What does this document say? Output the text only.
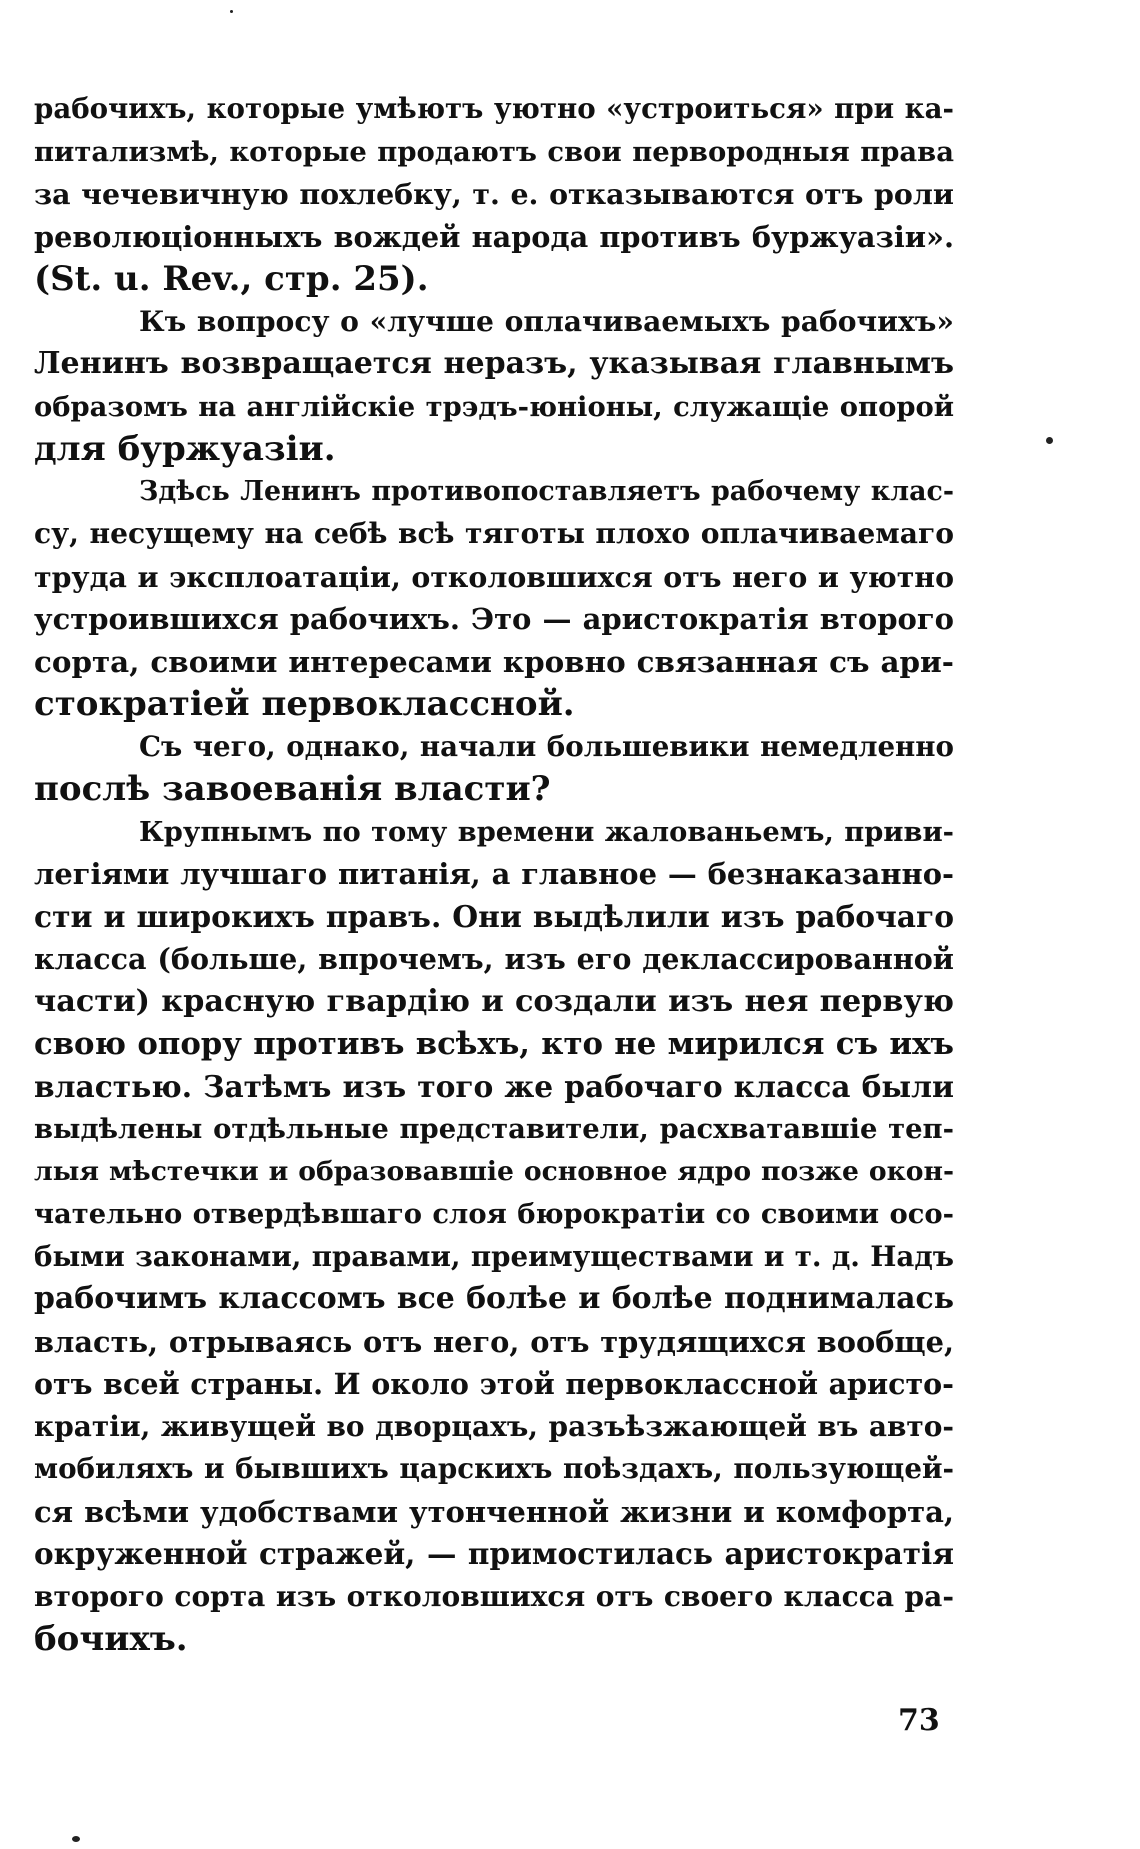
рабочихъ, которые умѣютъ уютно «устроиться» при ка-
питализмѣ, которые продаютъ свои первородныя права
за чечевичную похлебку, т. е. отказываются отъ роли
революціонныхъ вождей народа противъ буржуазіи».
(St. u. Rev., стр. 25).
Къ вопросу о «лучше оплачиваемыхъ рабочихъ»
Ленинъ возвращается неразъ, указывая главнымъ
образомъ на англійскіе трэдъ-юніоны, служащіе опорой
для буржуазіи.
Здѣсь Ленинъ противопоставляетъ рабочему клас-
су, несущему на себѣ всѣ тяготы плохо оплачиваемаго
труда и эксплоатаціи, отколовшихся отъ него и уютно
устроившихся рабочихъ. Это — аристократія второго
сорта, своими интересами кровно связанная съ ари-
стократіей первоклассной.
Съ чего, однако, начали большевики немедленно
послѣ завоеванія власти?
Крупнымъ по тому времени жалованьемъ, приви-
легіями лучшаго питанія, а главное — безнаказанно-
сти и широкихъ правъ. Они выдѣлили изъ рабочаго
класса (больше, впрочемъ, изъ его деклассированной
части) красную гвардію и создали изъ нея первую
свою опору противъ всѣхъ, кто не мирился съ ихъ
властью. Затѣмъ изъ того же рабочаго класса были
выдѣлены отдѣльные представители, расхватавшіе теп-
лыя мѣстечки и образовавшіе основное ядро позже окон-
чательно отвердѣвшаго слоя бюрократіи со своими осо-
быми законами, правами, преимуществами и т. д. Надъ
рабочимъ классомъ все болѣе и болѣе поднималась
власть, отрываясь отъ него, отъ трудящихся вообще,
отъ всей страны. И около этой первоклассной аристо-
кратіи, живущей во дворцахъ, разъѣзжающей въ авто-
мобиляхъ и бывшихъ царскихъ поѣздахъ, пользующей-
ся всѣми удобствами утонченной жизни и комфорта,
окруженной стражей, — примостилась аристократія
второго сорта изъ отколовшихся отъ своего класса ра-
бочихъ.
73
